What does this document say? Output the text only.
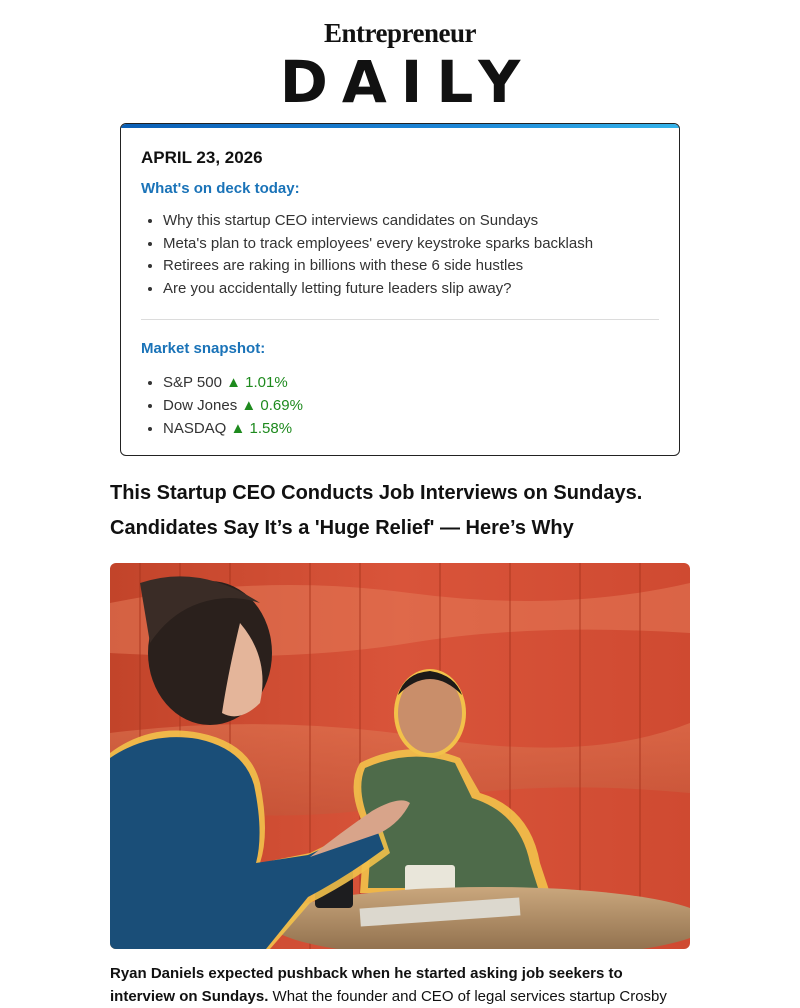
Entrepreneur
DAILY
APRIL 23, 2026
What's on deck today:
• Why this startup CEO interviews candidates on Sundays
• Meta's plan to track employees' every keystroke sparks backlash
• Retirees are raking in billions with these 6 side hustles
• Are you accidentally letting future leaders slip away?
Market snapshot:
• S&P 500 ▲ 1.01%
• Dow Jones ▲ 0.69%
• NASDAQ ▲ 1.58%
This Startup CEO Conducts Job Interviews on Sundays. Candidates Say It’s a 'Huge Relief' — Here’s Why

Ryan Daniels expected pushback when he started asking job seekers to interview on Sundays. What the founder and CEO of legal services startup Crosby
